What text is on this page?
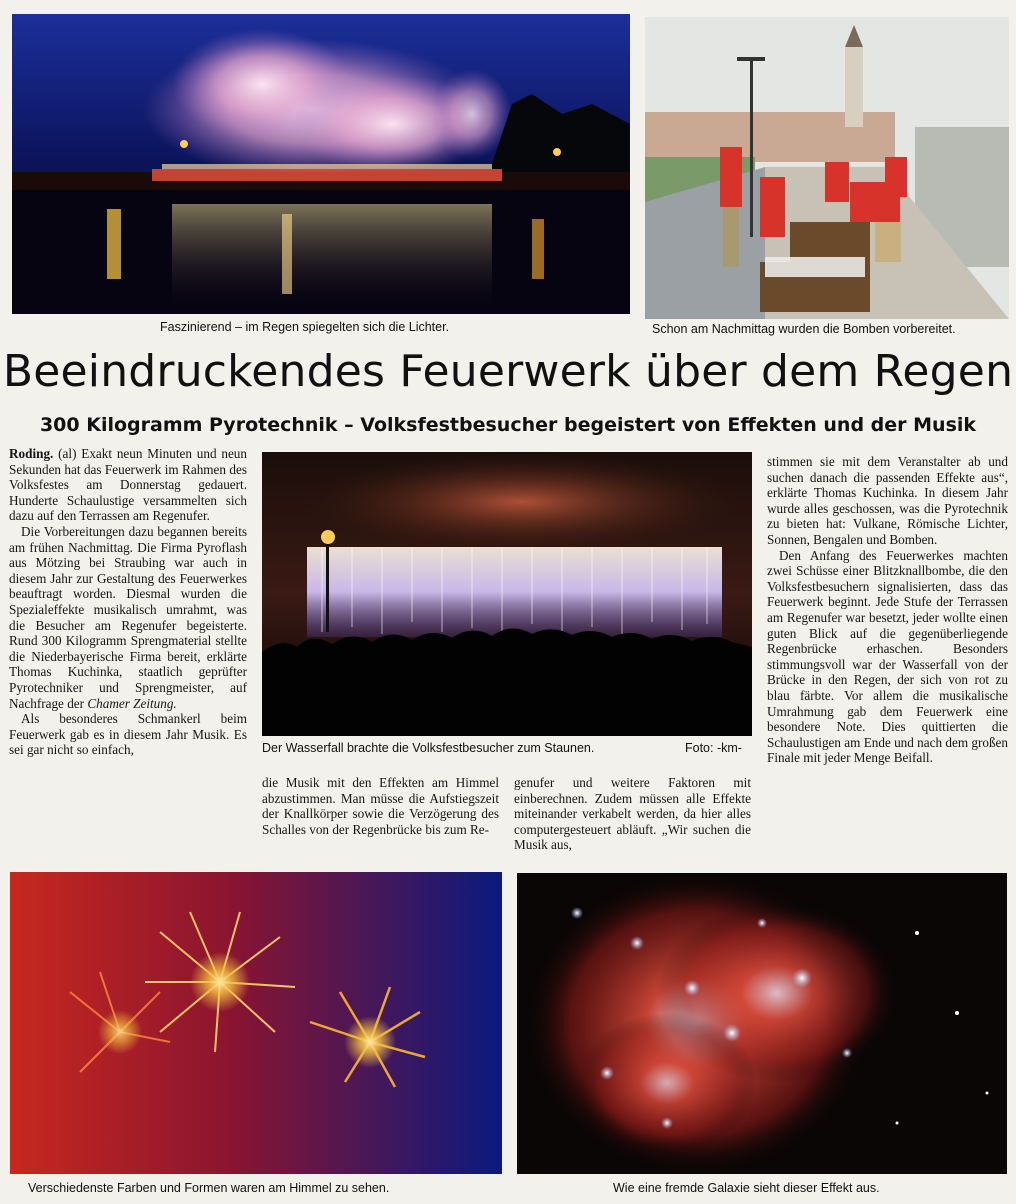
Faszinierend – im Regen spiegelten sich die Lichter.	Schon am Nachmittag wurden die Bomben vorbereitet.
Beeindruckendes Feuerwerk über dem Regen
300 Kilogramm Pyrotechnik – Volksfestbesucher begeistert von Effekten und der Musik

Roding. (al) Exakt neun Minuten und neun Sekunden hat das Feuerwerk im Rahmen des Volksfestes am Donnerstag gedauert. Hunderte Schaulustige versammelten sich dazu auf den Terrassen am Regenufer.

Die Vorbereitungen dazu begannen bereits am frühen Nachmittag. Die Firma Pyroflash aus Mötzing bei Straubing war auch in diesem Jahr zur Gestaltung des Feuerwerkes beauftragt worden. Diesmal wurden die Spezialeffekte musikalisch umrahmt, was die Besucher am Regenufer begeisterte. Rund 300 Kilogramm Sprengmaterial stellte die Niederbayerische Firma bereit, erklärte Thomas Kuchinka, staatlich geprüfter Pyrotechniker und Sprengmeister, auf Nachfrage der Chamer Zeitung.

Als besonderes Schmankerl beim Feuerwerk gab es in diesem Jahr Musik. Es sei gar nicht so einfach,	Der Wasserfall brachte die Volksfestbesucher zum Staunen.	Foto: -km-

die Musik mit den Effekten am Himmel abzustimmen. Man müsse die Aufstiegszeit der Knallkörper sowie die Verzögerung des Schalles von der Regenbrücke bis zum Re-

genufer und weitere Faktoren mit einberechnen. Zudem müssen alle Effekte miteinander verkabelt werden, da hier alles computergesteuert abläuft. „Wir suchen die Musik aus,

stimmen sie mit dem Veranstalter ab und suchen danach die passenden Effekte aus“, erklärte Thomas Kuchinka. In diesem Jahr wurde alles geschossen, was die Pyrotechnik zu bieten hat: Vulkane, Römische Lichter, Sonnen, Bengalen und Bomben.

Den Anfang des Feuerwerkes machten zwei Schüsse einer Blitzknallbombe, die den Volksfestbesuchern signalisierten, dass das Feuerwerk beginnt. Jede Stufe der Terrassen am Regenufer war besetzt, jeder wollte einen guten Blick auf die gegenüberliegende Regenbrücke erhaschen. Besonders stimmungsvoll war der Wasserfall von der Brücke in den Regen, der sich von rot zu blau färbte. Vor allem die musikalische Umrahmung gab dem Feuerwerk eine besondere Note. Dies quittierten die Schaulustigen am Ende und nach dem großen Finale mit jeder Menge Beifall.

Verschiedenste Farben und Formen waren am Himmel zu sehen.	Wie eine fremde Galaxie sieht dieser Effekt aus.
